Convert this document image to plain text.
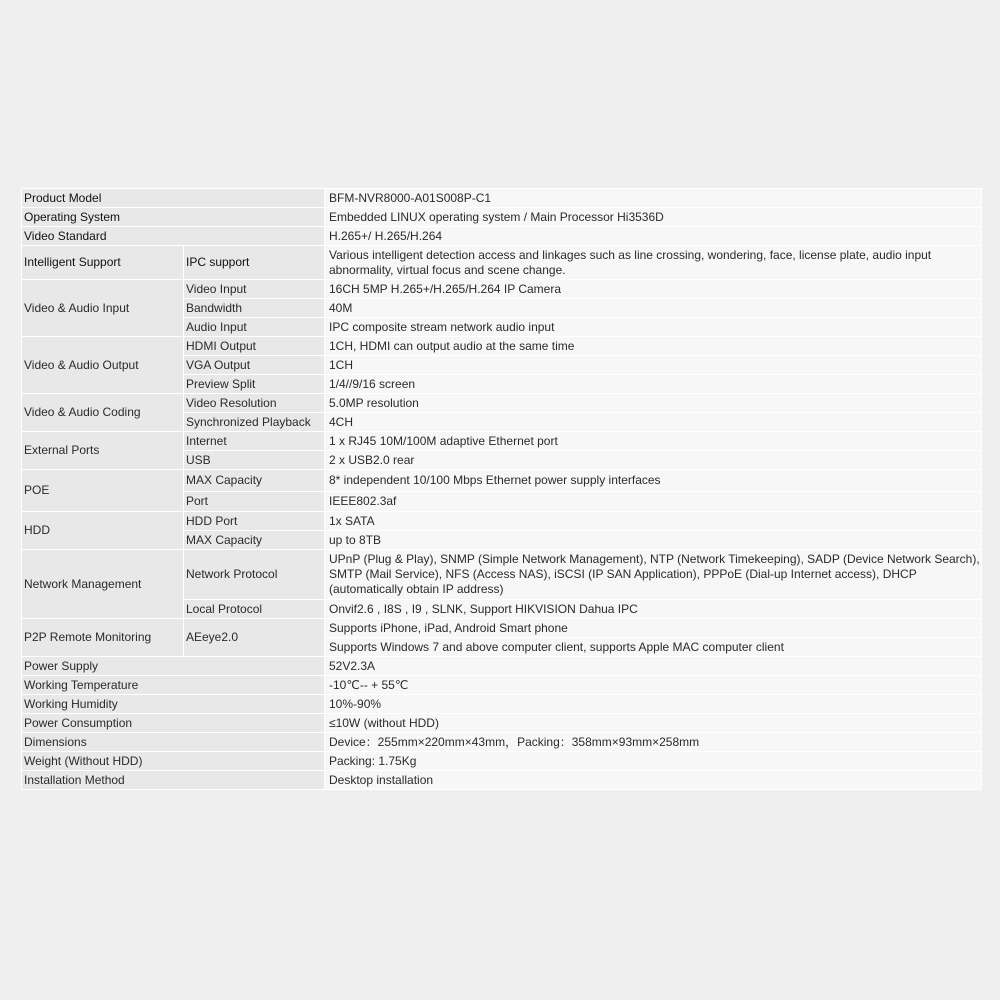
Product Model		BFM-NVR8000-A01S008P-C1
Operating System		Embedded LINUX operating system / Main Processor Hi3536D
Video Standard		H.265+/ H.265/H.264
Intelligent Support	IPC support	Various intelligent detection access and linkages such as line crossing, wondering, face, license plate, audio input abnormality, virtual focus and scene change.
Video & Audio Input	Video Input	16CH 5MP H.265+/H.265/H.264 IP Camera
	Bandwidth	40M
	Audio Input	IPC composite stream network audio input
Video & Audio Output	HDMI Output	1CH, HDMI can output audio at the same time
	VGA Output	1CH
	Preview Split	1/4//9/16 screen
Video & Audio Coding	Video Resolution	5.0MP resolution
	Synchronized Playback	4CH
External Ports	Internet	1 x RJ45 10M/100M adaptive Ethernet port
	USB	2 x USB2.0 rear
POE	MAX Capacity	8* independent 10/100 Mbps Ethernet power supply interfaces
	Port	IEEE802.3af
HDD	HDD Port	1x SATA
	MAX Capacity	up to 8TB
Network Management	Network Protocol	UPnP (Plug & Play), SNMP (Simple Network Management), NTP (Network Timekeeping), SADP (Device Network Search), SMTP (Mail Service), NFS (Access NAS), iSCSI (IP SAN Application), PPPoE (Dial-up Internet access), DHCP (automatically obtain IP address)
	Local Protocol	Onvif2.6 , I8S , I9 , SLNK, Support HIKVISION Dahua IPC
P2P Remote Monitoring	AEeye2.0	Supports iPhone, iPad, Android Smart phone
		Supports Windows 7 and above computer client, supports Apple MAC computer client
Power Supply		52V2.3A
Working Temperature		-10℃-- + 55℃
Working Humidity		10%-90%
Power Consumption		≤10W (without HDD)
Dimensions		Device：255mm×220mm×43mm，Packing：358mm×93mm×258mm
Weight (Without HDD)		Packing: 1.75Kg
Installation Method		Desktop installation
